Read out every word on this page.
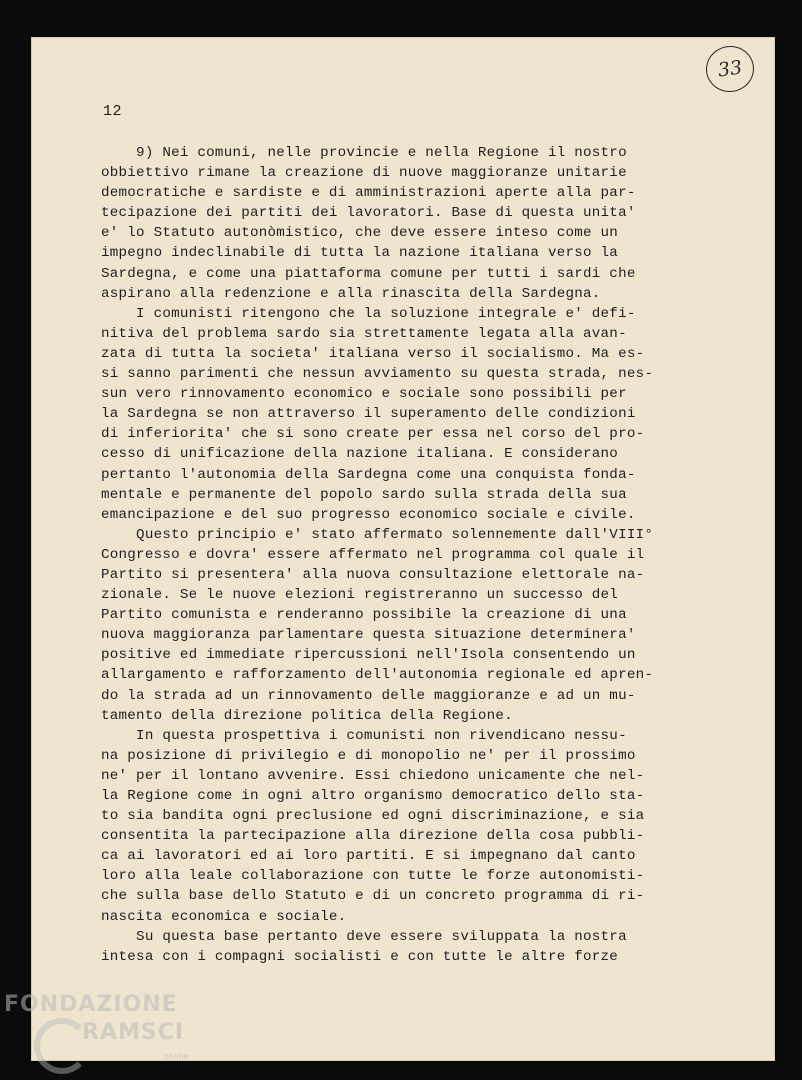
33
12
9) Nei comuni, nelle provincie e nella Regione il nostro
obbiettivo rimane la creazione di nuove maggioranze unitarie
democratiche e sardiste e di amministrazioni aperte alla par-
tecipazione dei partiti dei lavoratori. Base di questa unita'
e' lo Statuto autonòmistico, che deve essere inteso come un
impegno indeclinabile di tutta la nazione italiana verso la
Sardegna, e come una piattaforma comune per tutti i sardi che
aspirano alla redenzione e alla rinascita della Sardegna.
I comunisti ritengono che la soluzione integrale e' defi-
nitiva del problema sardo sia strettamente legata alla avan-
zata di tutta la societa' italiana verso il socialismo. Ma es-
si sanno parimenti che nessun avviamento su questa strada, nes-
sun vero rinnovamento economico e sociale sono possibili per
la Sardegna se non attraverso il superamento delle condizioni
di inferiorita' che si sono create per essa nel corso del pro-
cesso di unificazione della nazione italiana. E considerano
pertanto l'autonomia della Sardegna come una conquista fonda-
mentale e permanente del popolo sardo sulla strada della sua
emancipazione e del suo progresso economico sociale e civile.
Questo principio e' stato affermato solennemente dall'VIII°
Congresso e dovra' essere affermato nel programma col quale il
Partito si presentera' alla nuova consultazione elettorale na-
zionale. Se le nuove elezioni registreranno un successo del
Partito comunista e renderanno possibile la creazione di una
nuova maggioranza parlamentare questa situazione determinera'
positive ed immediate ripercussioni nell'Isola consentendo un
allargamento e rafforzamento dell'autonomia regionale ed apren-
do la strada ad un rinnovamento delle maggioranze e ad un mu-
tamento della direzione politica della Regione.
In questa prospettiva i comunisti non rivendicano nessu-
na posizione di privilegio e di monopolio ne' per il prossimo
ne' per il lontano avvenire. Essi chiedono unicamente che nel-
la Regione come in ogni altro organismo democratico dello sta-
to sia bandita ogni preclusione ed ogni discriminazione, e sia
consentita la partecipazione alla direzione della cosa pubbli-
ca ai lavoratori ed ai loro partiti. E si impegnano dal canto
loro alla leale collaborazione con tutte le forze autonomisti-
che sulla base dello Statuto e di un concreto programma di ri-
nascita economica e sociale.
Su questa base pertanto deve essere sviluppata la nostra
intesa con i compagni socialisti e con tutte le altre forze
FONDAZIONE
RAMSCI
online
